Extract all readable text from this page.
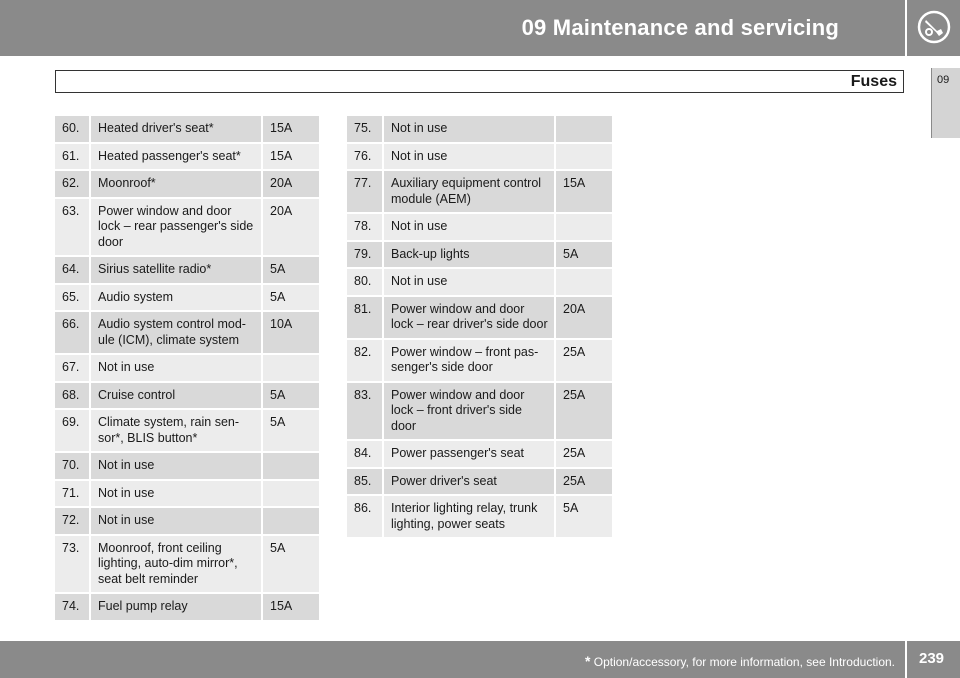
09 Maintenance and servicing
Fuses	09
60.	Heated driver's seat*	15A
61.	Heated passenger's seat*	15A
62.	Moonroof*	20A
63.	Power window and door lock – rear passenger's side door	20A
64.	Sirius satellite radio*	5A
65.	Audio system	5A
66.	Audio system control mod-ule (ICM), climate system	10A
67.	Not in use	
68.	Cruise control	5A
69.	Climate system, rain sen-sor*, BLIS button*	5A
70.	Not in use	
71.	Not in use	
72.	Not in use	
73.	Moonroof, front ceiling lighting, auto-dim mirror*, seat belt reminder	5A
74.	Fuel pump relay	15A
75.	Not in use	
76.	Not in use	
77.	Auxiliary equipment control module (AEM)	15A
78.	Not in use	
79.	Back-up lights	5A
80.	Not in use	
81.	Power window and door lock – rear driver's side door	20A
82.	Power window – front pas-senger's side door	25A
83.	Power window and door lock – front driver's side door	25A
84.	Power passenger's seat	25A
85.	Power driver's seat	25A
86.	Interior lighting relay, trunk lighting, power seats	5A
* Option/accessory, for more information, see Introduction. 239
